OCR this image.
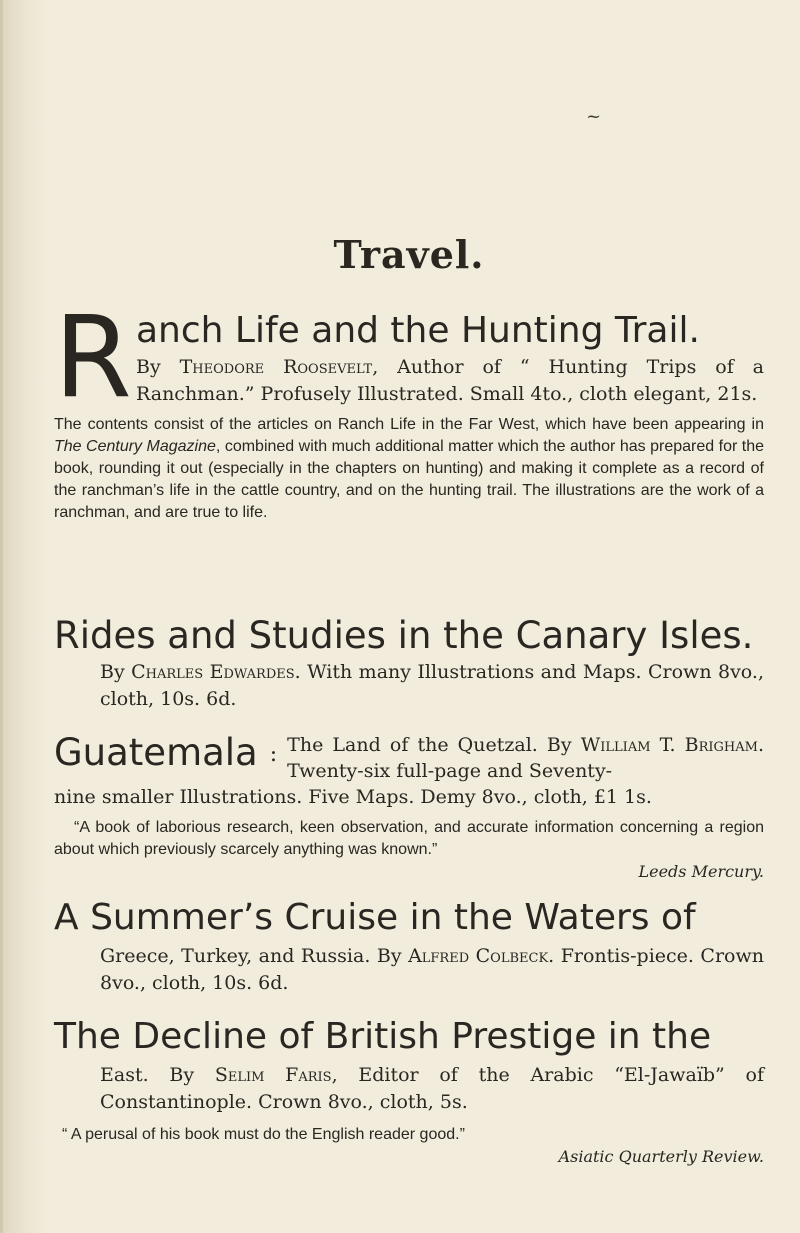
~
Travel.
R anch Life and the Hunting Trail.

By Theodore Roosevelt, Author of “ Hunting Trips of a Ranchman.” Profusely Illustrated. Small 4to., cloth elegant, 21s.

The contents consist of the articles on Ranch Life in the Far West, which have been appearing in The Century Magazine, combined with much additional matter which the author has prepared for the book, rounding it out (especially in the chapters on hunting) and making it complete as a record of the ranchman’s life in the cattle country, and on the hunting trail. The illustrations are the work of a ranchman, and are true to life.

Rides and Studies in the Canary Isles.

By Charles Edwardes. With many Illustrations and Maps. Crown 8vo., cloth, 10s. 6d.

Guatemala : The Land of the Quetzal. By William T. Brigham. Twenty-six full-page and Seventy-

nine smaller Illustrations. Five Maps. Demy 8vo., cloth, £1 1s.

“A book of laborious research, keen observation, and accurate information concerning a region about which previously scarcely anything was known.”

Leeds Mercury.

A Summer’s Cruise in the Waters of

Greece, Turkey, and Russia. By Alfred Colbeck. Frontis-piece. Crown 8vo., cloth, 10s. 6d.

The Decline of British Prestige in the

East. By Selim Faris, Editor of the Arabic “El-Jawaïb” of Constantinople. Crown 8vo., cloth, 5s.

“ A perusal of his book must do the English reader good.”

Asiatic Quarterly Review.
